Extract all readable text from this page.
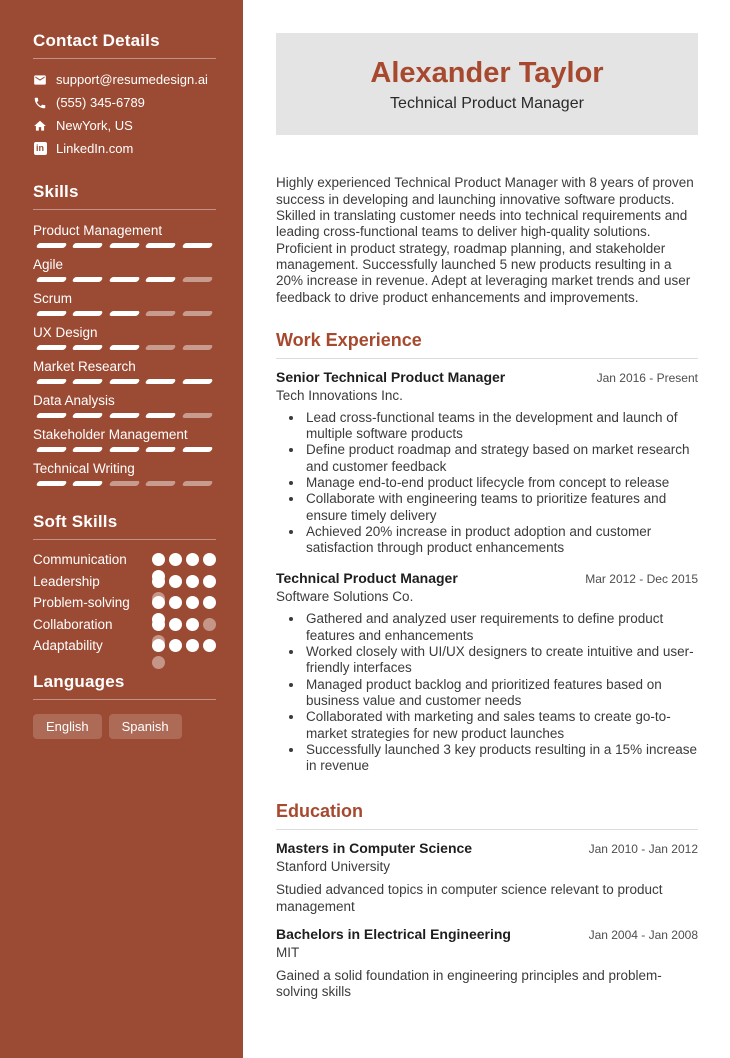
Contact Details
support@resumedesign.ai
(555) 345-6789
NewYork, US
in LinkedIn.com
Skills
Product Management
Agile
Scrum
UX Design
Market Research
Data Analysis
Stakeholder Management
Technical Writing
Soft Skills
Communication
Leadership
Problem-solving
Collaboration
Adaptability
Languages
English	Spanish
Alexander Taylor

Technical Product Manager

Highly experienced Technical Product Manager with 8 years of proven success in developing and launching innovative software products. Skilled in translating customer needs into technical requirements and leading cross-functional teams to deliver high-quality solutions. Proficient in product strategy, roadmap planning, and stakeholder management. Successfully launched 5 new products resulting in a 20% increase in revenue. Adept at leveraging market trends and user feedback to drive product enhancements and improvements.

Work Experience
Senior Technical Product Manager	Jan 2016 - Present
Tech Innovations Inc.
• Lead cross-functional teams in the development and launch of multiple software products
• Define product roadmap and strategy based on market research and customer feedback
• Manage end-to-end product lifecycle from concept to release
• Collaborate with engineering teams to prioritize features and ensure timely delivery
• Achieved 20% increase in product adoption and customer satisfaction through product enhancements
Technical Product Manager	Mar 2012 - Dec 2015
Software Solutions Co.
• Gathered and analyzed user requirements to define product features and enhancements
• Worked closely with UI/UX designers to create intuitive and user-friendly interfaces
• Managed product backlog and prioritized features based on business value and customer needs
• Collaborated with marketing and sales teams to create go-to-market strategies for new product launches
• Successfully launched 3 key products resulting in a 15% increase in revenue
Education
Masters in Computer Science	Jan 2010 - Jan 2012
Stanford University
Studied advanced topics in computer science relevant to product management
Bachelors in Electrical Engineering	Jan 2004 - Jan 2008
MIT
Gained a solid foundation in engineering principles and problem-solving skills
